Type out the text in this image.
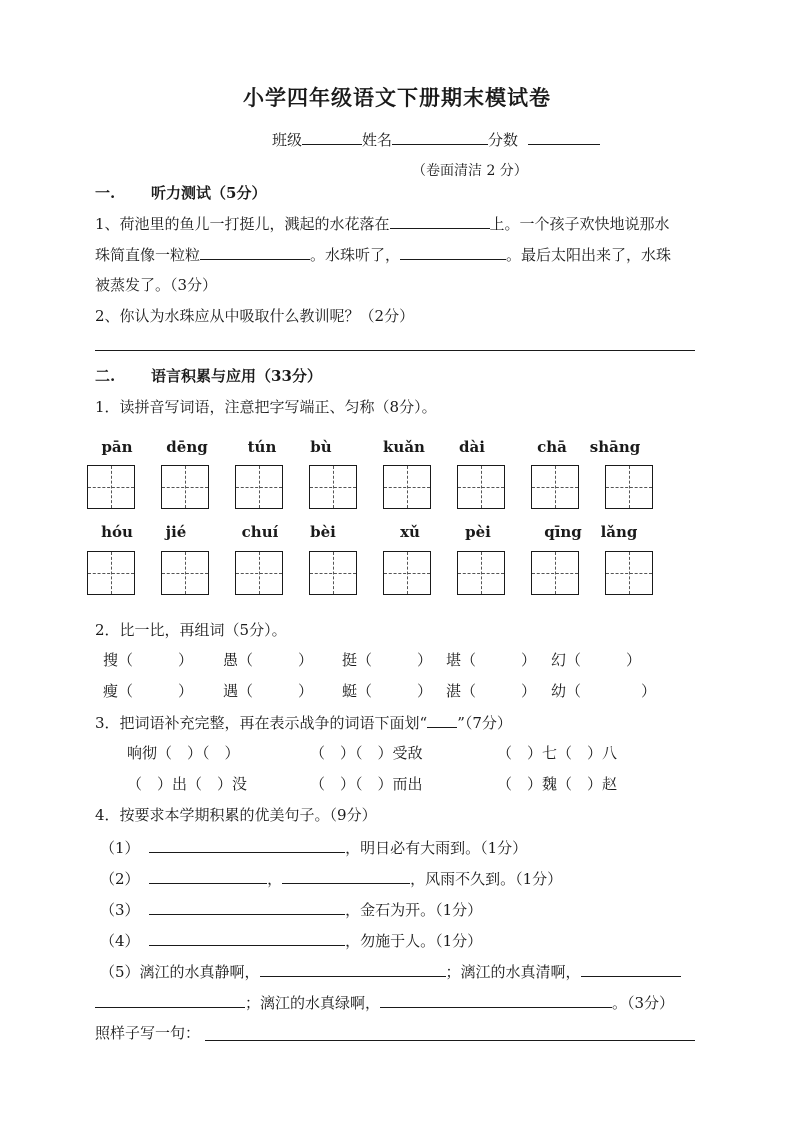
小学四年级语文下册期末模试卷
班级	姓名	分数
（卷面清洁 2 分）
一. 听力测试（5分）
1、荷池里的鱼儿一打挺儿，溅起的水花落在	上。一个孩子欢快地说那水
珠简直像一粒粒	。水珠听了，	。最后太阳出来了，水珠
被蒸发了。（3分）
2、你认为水珠应从中吸取什么教训呢？（2分）
二. 语言积累与应用（33分）
1．读拼音写词语，注意把字写端正、匀称（8分）。
pān	dēng	tún	bù	kuǎn	dài	chā	shāng
hóu	jié	chuí	bèi	xǔ	pèi	qīng	lǎng
2．比一比，再组词（5分）。
搜（　　　） 愚（　　　） 挺（　　　） 堪（　　　） 幻（　　　）
瘦（　　　） 遇（　　　） 蜓（　　　） 湛（　　　） 幼（　　　　）
3．把词语补充完整，再在表示战争的词语下面划“ ”（7分）
响彻（　）（　）	（　）（　）受敌	（　）七（　）八
（　）出（　）没	（　）（　）而出	（　）魏（　）赵
4．按要求本学期积累的优美句子。（9分）
（1）	，明日必有大雨到。（1分）
（2）	，	，风雨不久到。（1分）
（3）	，金石为开。（1分）
（4）	，勿施于人。（1分）
（5）漓江的水真静啊，	；漓江的水真清啊，
；漓江的水真绿啊，	。（3分）
照样子写一句：
